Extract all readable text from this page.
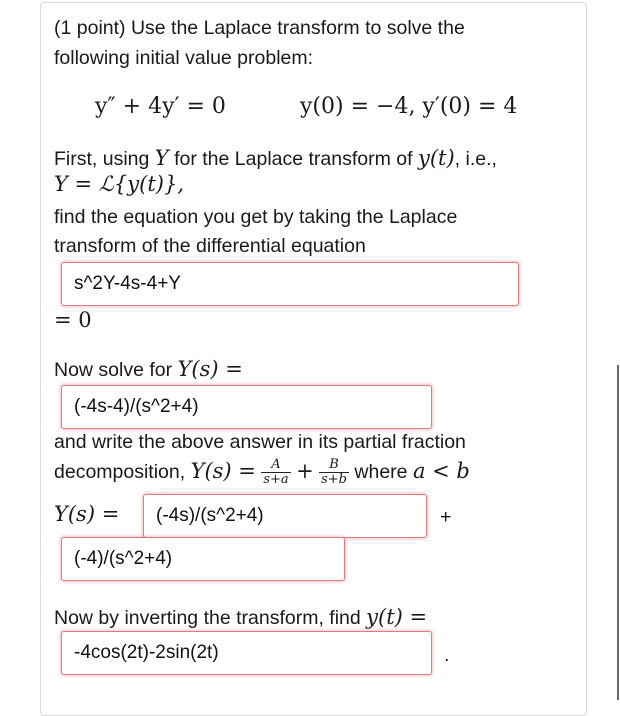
(1 point) Use the Laplace transform to solve the
following initial value problem:
y″ + 4y′ = 0	y(0) = −4, y′(0) = 4
First, using Y for the Laplace transform of y(t), i.e.,
Y = ℒ{y(t)},
find the equation you get by taking the Laplace
transform of the differential equation
s^2Y-4s-4+Y
= 0
Now solve for Y(s) =
(-4s-4)/(s^2+4)
and write the above answer in its partial fraction
decomposition, $Y(s) = \frac{A}{s+a} + \frac{B}{s+b}$ where a < b
Y(s) =
(-4s)/(s^2+4)	+
(-4)/(s^2+4)
Now by inverting the transform, find y(t) =
-4cos(2t)-2sin(2t)
.
